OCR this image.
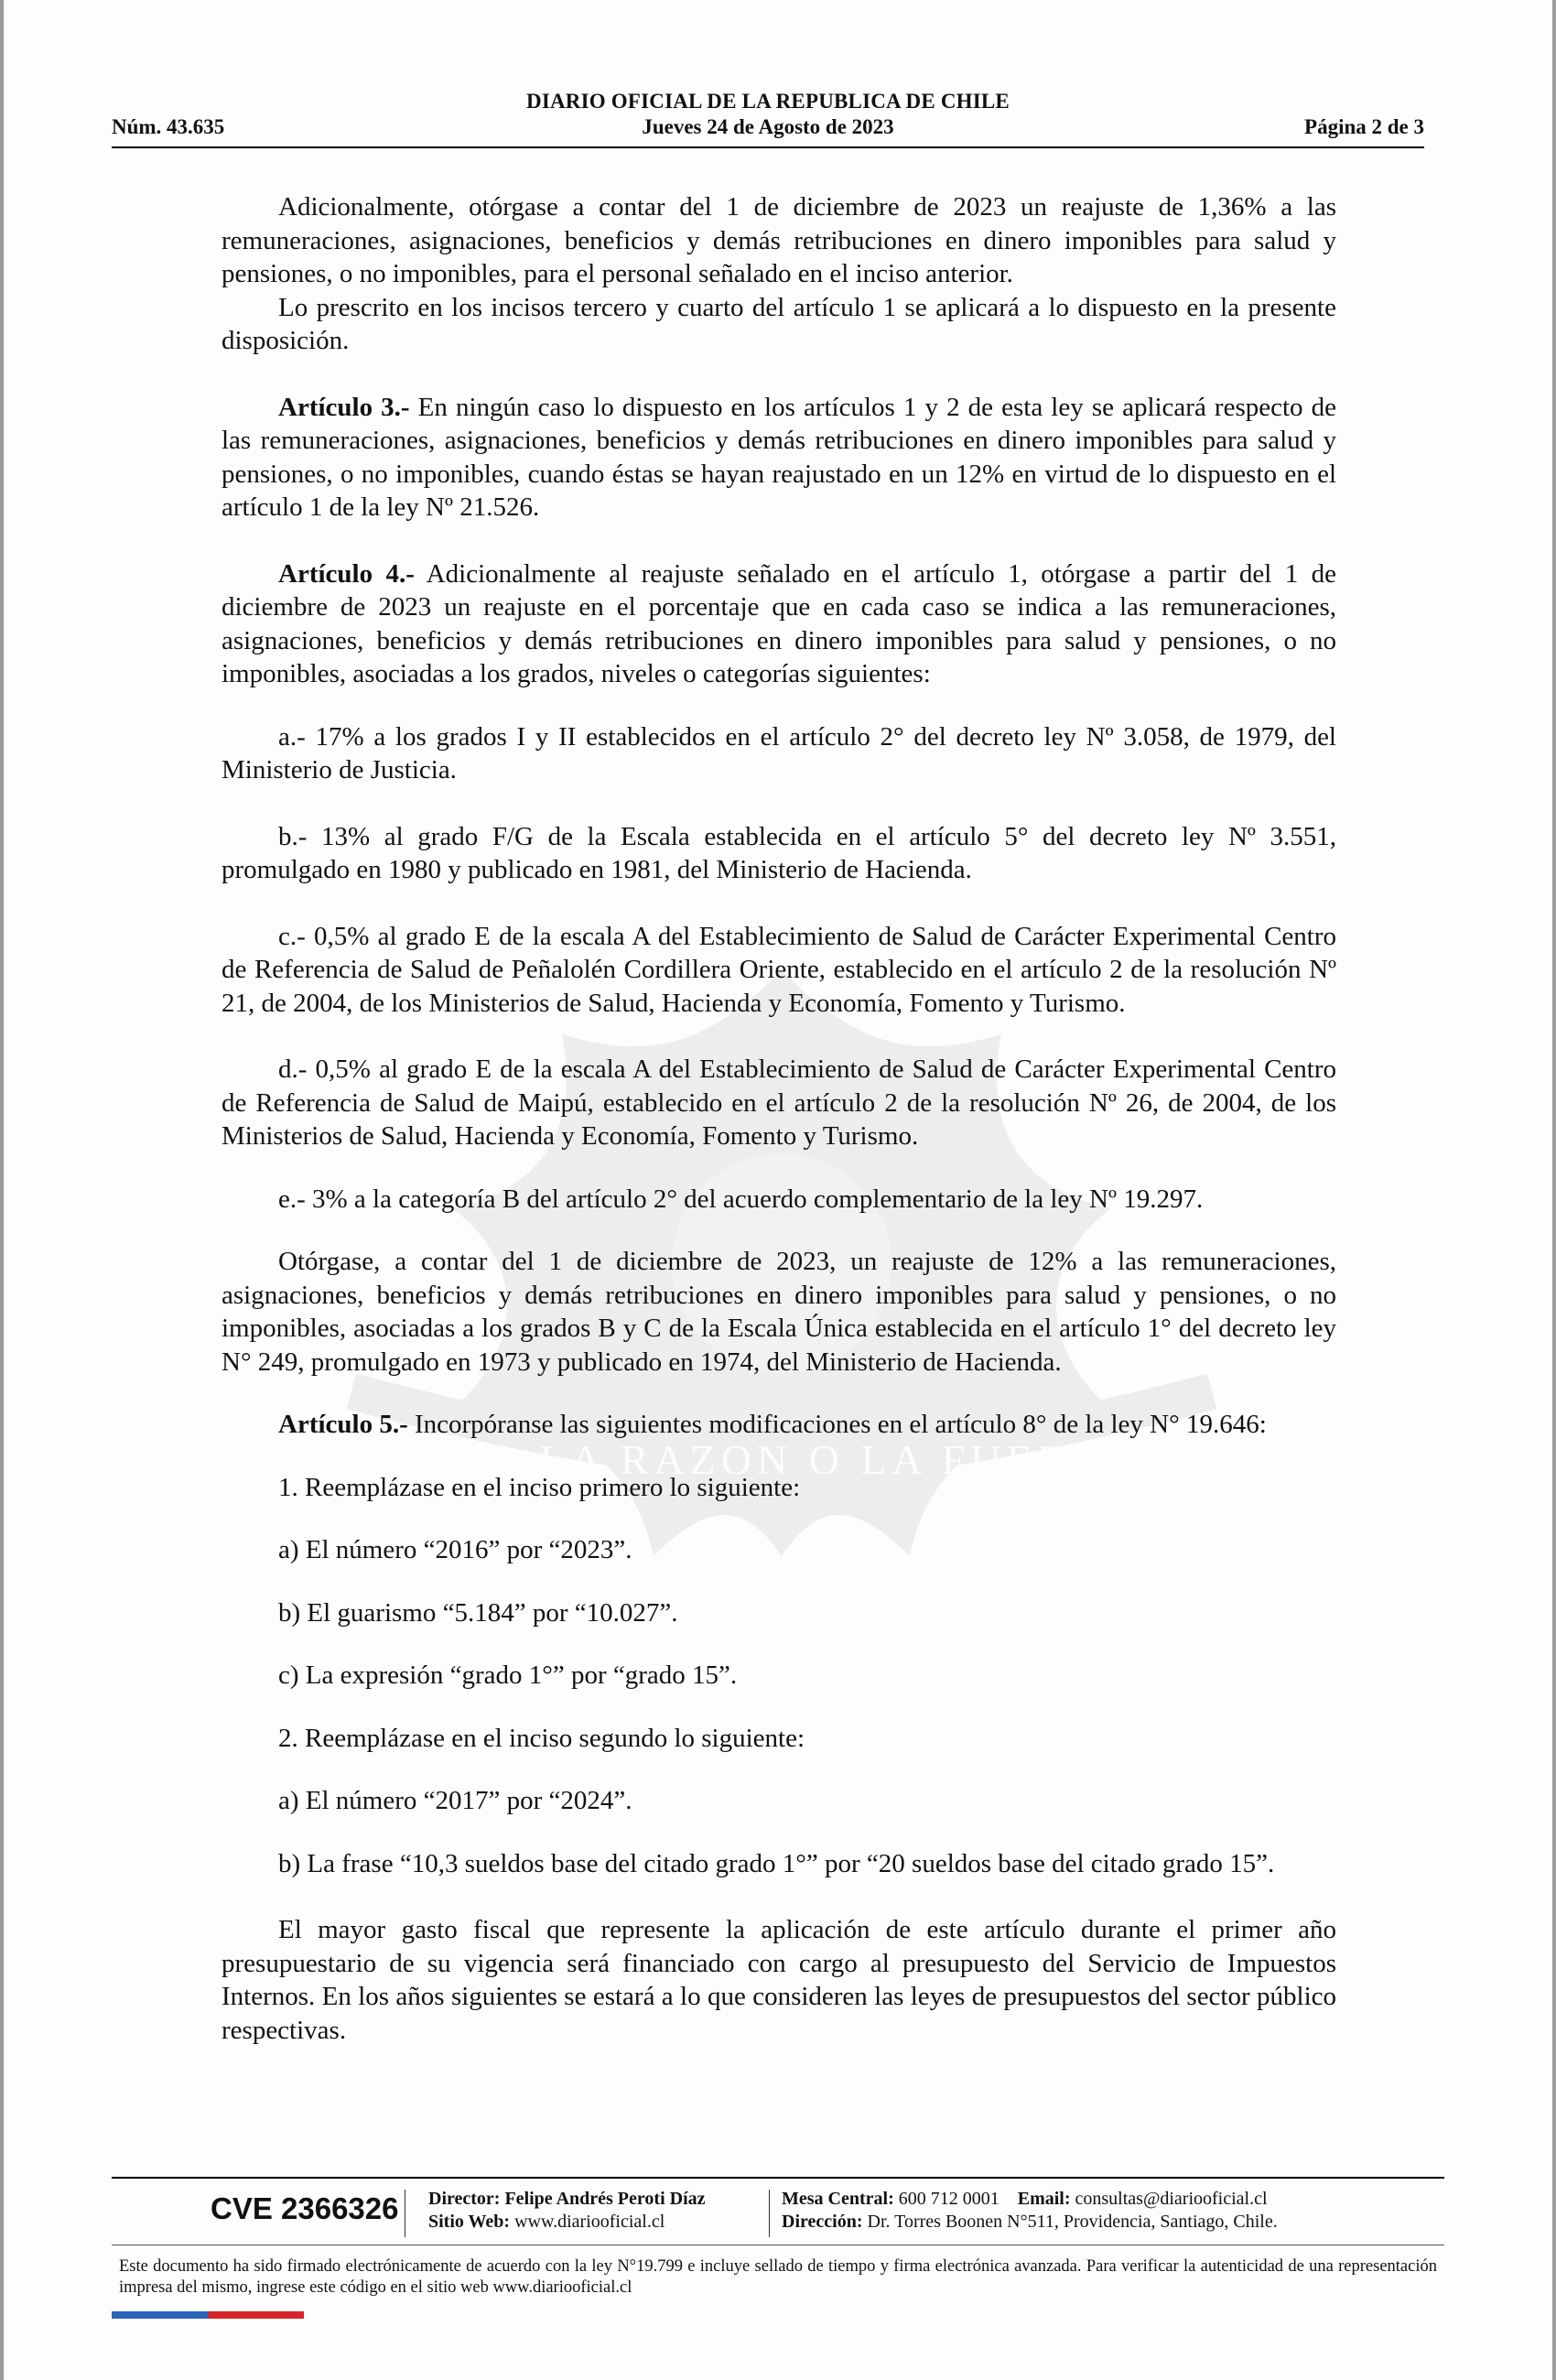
POR LA RAZON O LA FUERZA
DIARIO OFICIAL DE LA REPUBLICA DE CHILE
Núm. 43.635	Jueves 24 de Agosto de 2023	Página 2 de 3

Adicionalmente, otórgase a contar del 1 de diciembre de 2023 un reajuste de 1,36% a las remuneraciones, asignaciones, beneficios y demás retribuciones en dinero imponibles para salud y pensiones, o no imponibles, para el personal señalado en el inciso anterior.

Lo prescrito en los incisos tercero y cuarto del artículo 1 se aplicará a lo dispuesto en la presente disposición.

Artículo 3.- En ningún caso lo dispuesto en los artículos 1 y 2 de esta ley se aplicará respecto de las remuneraciones, asignaciones, beneficios y demás retribuciones en dinero imponibles para salud y pensiones, o no imponibles, cuando éstas se hayan reajustado en un 12% en virtud de lo dispuesto en el artículo 1 de la ley Nº 21.526.

Artículo 4.- Adicionalmente al reajuste señalado en el artículo 1, otórgase a partir del 1 de diciembre de 2023 un reajuste en el porcentaje que en cada caso se indica a las remuneraciones, asignaciones, beneficios y demás retribuciones en dinero imponibles para salud y pensiones, o no imponibles, asociadas a los grados, niveles o categorías siguientes:

a.- 17% a los grados I y II establecidos en el artículo 2° del decreto ley Nº 3.058, de 1979, del Ministerio de Justicia.

b.- 13% al grado F/G de la Escala establecida en el artículo 5° del decreto ley Nº 3.551, promulgado en 1980 y publicado en 1981, del Ministerio de Hacienda.

c.- 0,5% al grado E de la escala A del Establecimiento de Salud de Carácter Experimental Centro de Referencia de Salud de Peñalolén Cordillera Oriente, establecido en el artículo 2 de la resolución Nº 21, de 2004, de los Ministerios de Salud, Hacienda y Economía, Fomento y Turismo.

d.- 0,5% al grado E de la escala A del Establecimiento de Salud de Carácter Experimental Centro de Referencia de Salud de Maipú, establecido en el artículo 2 de la resolución Nº 26, de 2004, de los Ministerios de Salud, Hacienda y Economía, Fomento y Turismo.

e.- 3% a la categoría B del artículo 2° del acuerdo complementario de la ley Nº 19.297.

Otórgase, a contar del 1 de diciembre de 2023, un reajuste de 12% a las remuneraciones, asignaciones, beneficios y demás retribuciones en dinero imponibles para salud y pensiones, o no imponibles, asociadas a los grados B y C de la Escala Única establecida en el artículo 1° del decreto ley N° 249, promulgado en 1973 y publicado en 1974, del Ministerio de Hacienda.

Artículo 5.- Incorpóranse las siguientes modificaciones en el artículo 8° de la ley N° 19.646:

1. Reemplázase en el inciso primero lo siguiente:

a) El número “2016” por “2023”.

b) El guarismo “5.184” por “10.027”.

c) La expresión “grado 1°” por “grado 15”.

2. Reemplázase en el inciso segundo lo siguiente:

a) El número “2017” por “2024”.

b) La frase “10,3 sueldos base del citado grado 1°” por “20 sueldos base del citado grado 15”.

El mayor gasto fiscal que represente la aplicación de este artículo durante el primer año presupuestario de su vigencia será financiado con cargo al presupuesto del Servicio de Impuestos Internos. En los años siguientes se estará a lo que consideren las leyes de presupuestos del sector público respectivas.

CVE 2366326 Director: Felipe Andrés Peroti Díaz
Sitio Web: www.diariooficial.cl
Mesa Central: 600 712 0001 Email: consultas@diariooficial.cl
Dirección: Dr. Torres Boonen N°511, Providencia, Santiago, Chile.
Este documento ha sido firmado electrónicamente de acuerdo con la ley N°19.799 e incluye sellado de tiempo y firma electrónica avanzada. Para verificar la autenticidad de una representación impresa del mismo, ingrese este código en el sitio web www.diariooficial.cl
